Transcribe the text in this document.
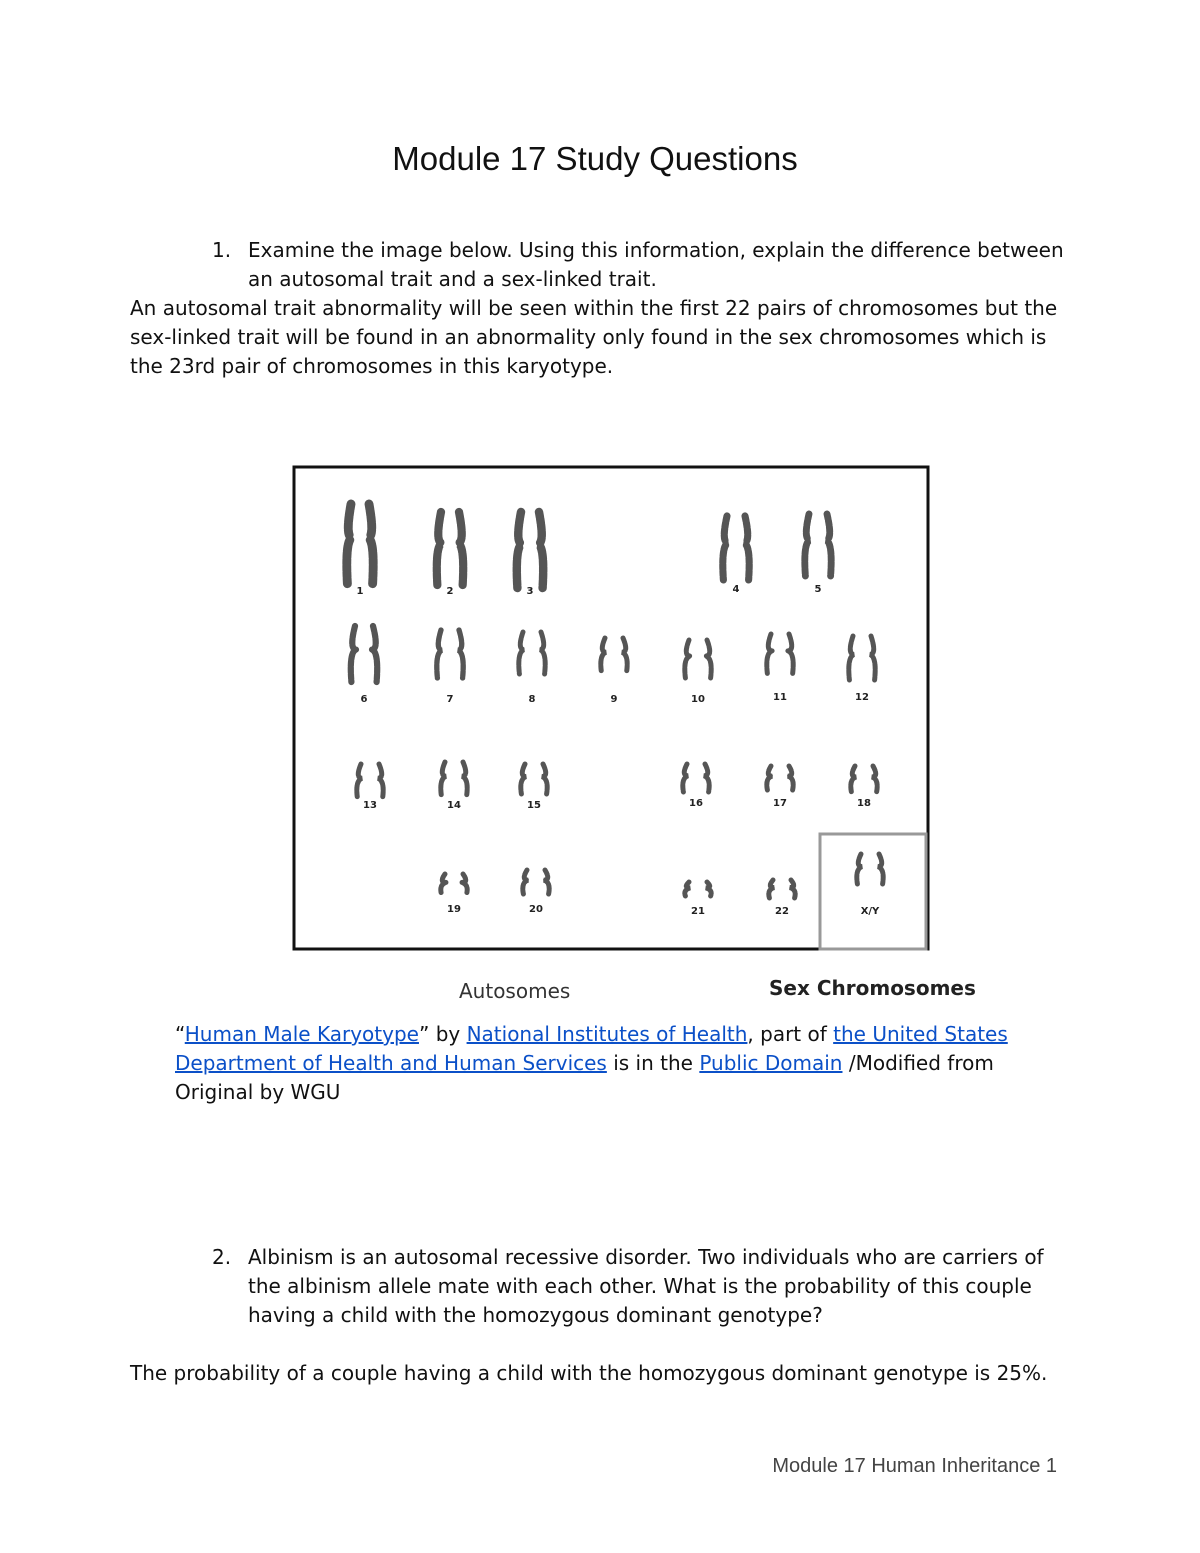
Module 17 Study Questions
1. Examine the image below. Using this information, explain the difference between an autosomal trait and a sex-linked trait.
An autosomal trait abnormality will be seen within the first 22 pairs of chromosomes but the sex-linked trait will be found in an abnormality only found in the sex chromosomes which is the 23rd pair of chromosomes in this karyotype.
1	2	3	4	5
6	7	8	9	10	11	12
13	14	15	16	17	18
19	20	21	22	X/Y
Autosomes	Sex Chromosomes
“Human Male Karyotype” by National Institutes of Health, part of the United States Department of Health and Human Services is in the Public Domain /Modified from Original by WGU
2. Albinism is an autosomal recessive disorder. Two individuals who are carriers of the albinism allele mate with each other. What is the probability of this couple having a child with the homozygous dominant genotype?
The probability of a couple having a child with the homozygous dominant genotype is 25%.
Module 17 Human Inheritance 1
